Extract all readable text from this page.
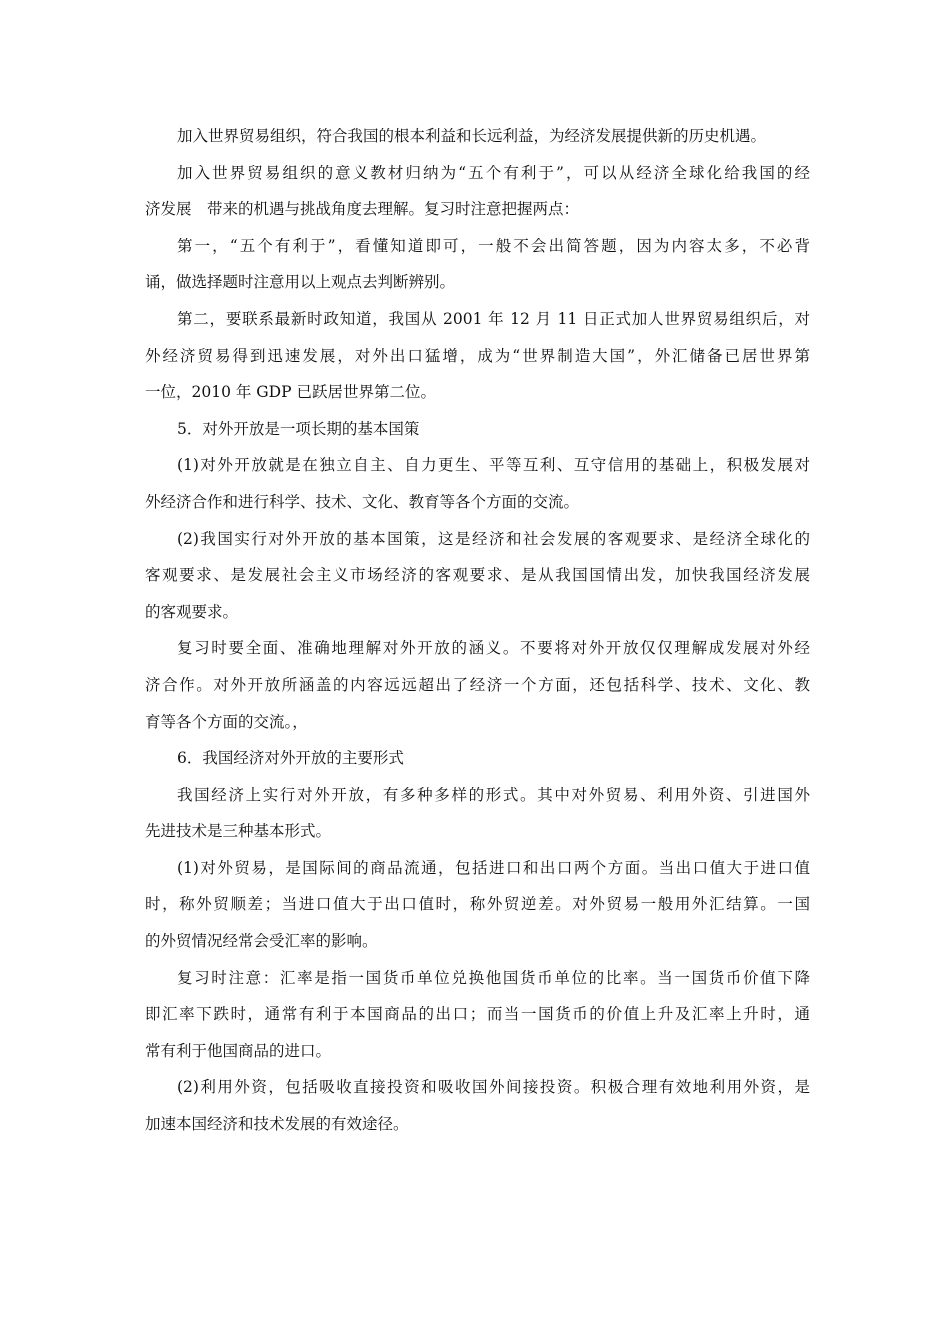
加入世界贸易组织，符合我国的根本利益和长远利益，为经济发展提供新的历史机遇。
加入世界贸易组织的意义教材归纳为“五个有利于”，可以从经济全球化给我国的经
济发展　带来的机遇与挑战角度去理解。复习时注意把握两点：
第一，“五个有利于”，看懂知道即可，一般不会出简答题，因为内容太多，不必背
诵，做选择题时注意用以上观点去判断辨别。
第二，要联系最新时政知道，我国从 2001 年 12 月 11 日正式加人世界贸易组织后，对
外经济贸易得到迅速发展，对外出口猛增，成为“世界制造大国”，外汇储备已居世界第
一位，2010 年 GDP 已跃居世界第二位。
5．对外开放是一项长期的基本国策
(1)对外开放就是在独立自主、自力更生、平等互利、互守信用的基础上，积极发展对
外经济合作和进行科学、技术、文化、教育等各个方面的交流。
(2)我国实行对外开放的基本国策，这是经济和社会发展的客观要求、是经济全球化的
客观要求、是发展社会主义市场经济的客观要求、是从我国国情出发，加快我国经济发展
的客观要求。
复习时要全面、准确地理解对外开放的涵义。不要将对外开放仅仅理解成发展对外经
济合作。对外开放所涵盖的内容远远超出了经济一个方面，还包括科学、技术、文化、教
育等各个方面的交流。，
6．我国经济对外开放的主要形式
我国经济上实行对外开放，有多种多样的形式。其中对外贸易、利用外资、引进国外
先进技术是三种基本形式。
(1)对外贸易，是国际间的商品流通，包括进口和出口两个方面。当出口值大于进口值
时，称外贸顺差；当进口值大于出口值时，称外贸逆差。对外贸易一般用外汇结算。一国
的外贸情况经常会受汇率的影响。
复习时注意：汇率是指一国货币单位兑换他国货币单位的比率。当一国货币价值下降
即汇率下跌时，通常有利于本国商品的出口；而当一国货币的价值上升及汇率上升时，通
常有利于他国商品的进口。
(2)利用外资，包括吸收直接投资和吸收国外间接投资。积极合理有效地利用外资，是
加速本国经济和技术发展的有效途径。
